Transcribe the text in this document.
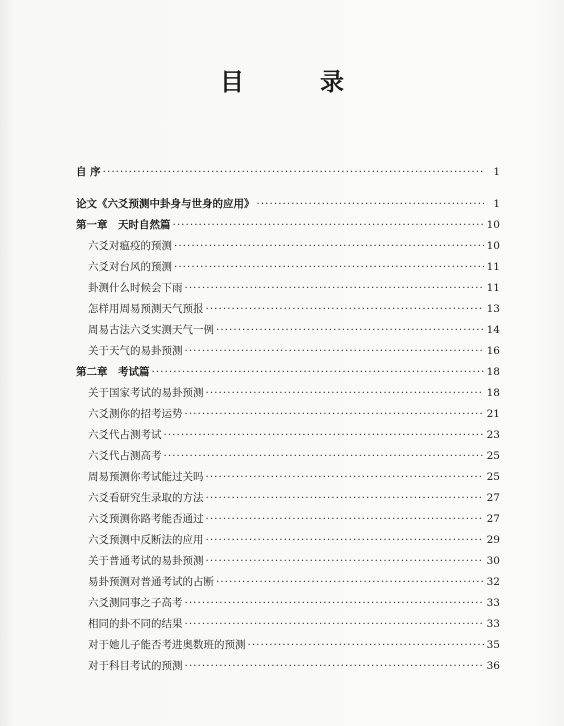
目　录
自 序 ·····	1
论文《六爻预测中卦身与世身的应用》 ·····	1
第一章　天时自然篇 ·····	10
六爻对瘟疫的预测 ·····	10
六爻对台风的预测 ·····	11
卦测什么时候会下雨 ·····	11
怎样用周易预测天气预报 ·····	13
周易古法六爻实测天气一例 ·····	14
关于天气的易卦预测 ·····	16
第二章　考试篇 ·····	18
关于国家考试的易卦预测 ·····	18
六爻测你的招考运势 ·····	21
六爻代占测考试 ·····	23
六爻代占测高考 ·····	25
周易预测你考试能过关吗 ·····	25
六爻看研究生录取的方法 ·····	27
六爻预测你路考能否通过 ·····	27
六爻预测中反断法的应用 ·····	29
关于普通考试的易卦预测 ·····	30
易卦预测对普通考试的占断 ·····	32
六爻测同事之子高考 ·····	33
相同的卦不同的结果 ·····	33
对于她儿子能否考进奥数班的预测 ·····	35
对于科目考试的预测 ·····	36
